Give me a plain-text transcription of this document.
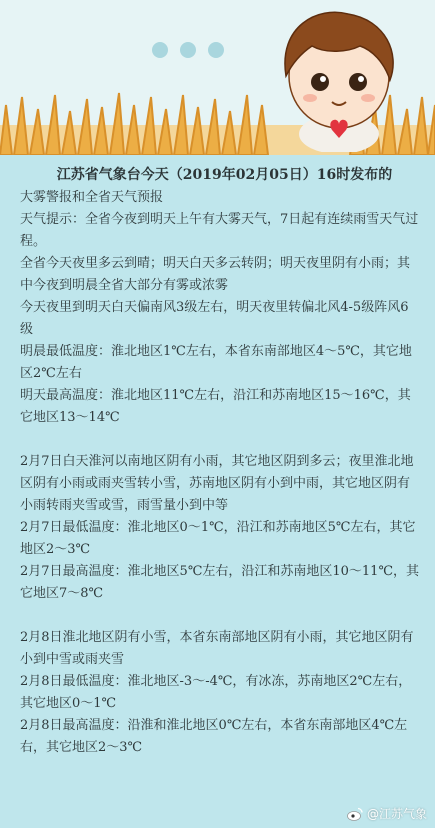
江苏省气象台今天（2019年02月05日）16时发布的
大雾警报和全省天气预报
天气提示：全省今夜到明天上午有大雾天气，7日起有连续雨雪天气过程。
全省今天夜里多云到晴；明天白天多云转阴；明天夜里阴有小雨；其中今夜到明晨全省大部分有雾或浓雾
今天夜里到明天白天偏南风3级左右，明天夜里转偏北风4-5级阵风6级
明晨最低温度：淮北地区1℃左右，本省东南部地区4～5℃，其它地区2℃左右
明天最高温度：淮北地区11℃左右，沿江和苏南地区15～16℃，其它地区13～14℃
2月7日白天淮河以南地区阴有小雨，其它地区阴到多云；夜里淮北地区阴有小雨或雨夹雪转小雪，苏南地区阴有小到中雨，其它地区阴有小雨转雨夹雪或雪，雨雪量小到中等
2月7日最低温度：淮北地区0～1℃，沿江和苏南地区5℃左右，其它地区2～3℃
2月7日最高温度：淮北地区5℃左右，沿江和苏南地区10～11℃，其它地区7～8℃
2月8日淮北地区阴有小雪，本省东南部地区阴有小雨，其它地区阴有小到中雪或雨夹雪
2月8日最低温度：淮北地区-3～-4℃，有冰冻，苏南地区2℃左右，其它地区0～1℃
2月8日最高温度：沿淮和淮北地区0℃左右，本省东南部地区4℃左右，其它地区2～3℃
@江苏气象
